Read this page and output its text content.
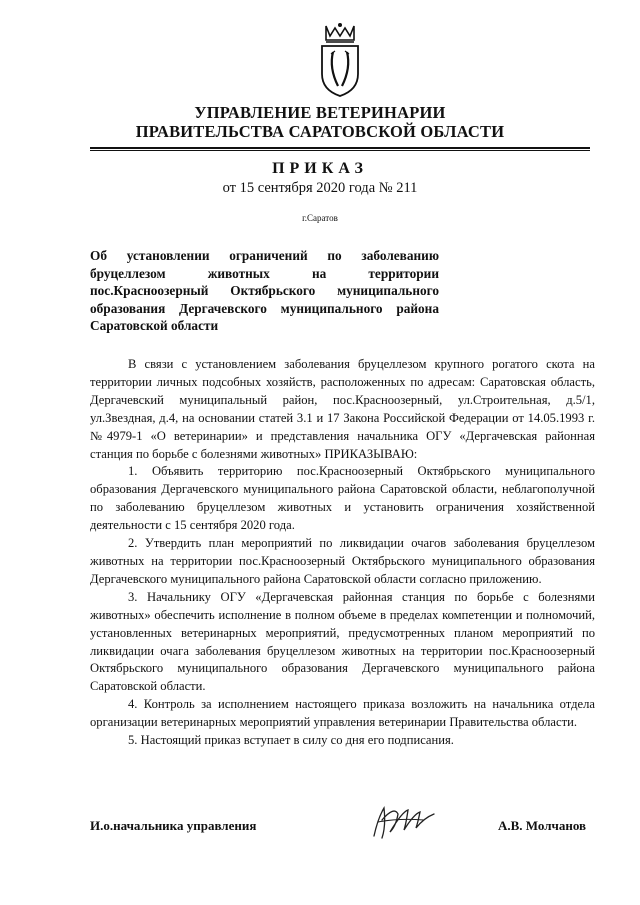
УПРАВЛЕНИЕ ВЕТЕРИНАРИИ
ПРАВИТЕЛЬСТВА САРАТОВСКОЙ ОБЛАСТИ
ПРИКАЗ
от 15 сентября 2020 года № 211
г.Саратов
Об установлении ограничений по заболеванию
бруцеллезом животных на территории
пос.Красноозерный Октябрьского муниципального
образования Дергачевского муниципального района
Саратовской области

В связи с установлением заболевания бруцеллезом крупного рогатого скота на территории личных подсобных хозяйств, расположенных по адресам: Саратовская область, Дергачевский муниципальный район, пос.Красноозерный, ул.Строительная, д.5/1, ул.Звездная, д.4, на основании статей 3.1 и 17 Закона Российской Федерации от 14.05.1993 г. №4979-1 «О ветеринарии» и представления начальника ОГУ «Дергачевская районная станция по борьбе с болезнями животных» ПРИКАЗЫВАЮ:

1. Объявить территорию пос.Красноозерный Октябрьского муниципального образования Дергачевского муниципального района Саратовской области, неблагополучной по заболеванию бруцеллезом животных и установить ограничения хозяйственной деятельности с 15 сентября 2020 года.

2. Утвердить план мероприятий по ликвидации очагов заболевания бруцеллезом животных на территории пос.Красноозерный Октябрьского муниципального образования Дергачевского муниципального района Саратовской области согласно приложению.

3. Начальнику ОГУ «Дергачевская районная станция по борьбе с болезнями животных» обеспечить исполнение в полном объеме в пределах компетенции и полномочий, установленных ветеринарных мероприятий, предусмотренных планом мероприятий по ликвидации очага заболевания бруцеллезом животных на территории пос.Красноозерный Октябрьского муниципального образования Дергачевского муниципального района Саратовской области.

4. Контроль за исполнением настоящего приказа возложить на начальника отдела организации ветеринарных мероприятий управления ветеринарии Правительства области.

5. Настоящий приказ вступает в силу со дня его подписания.

И.о.начальника управления	А.В. Молчанов
